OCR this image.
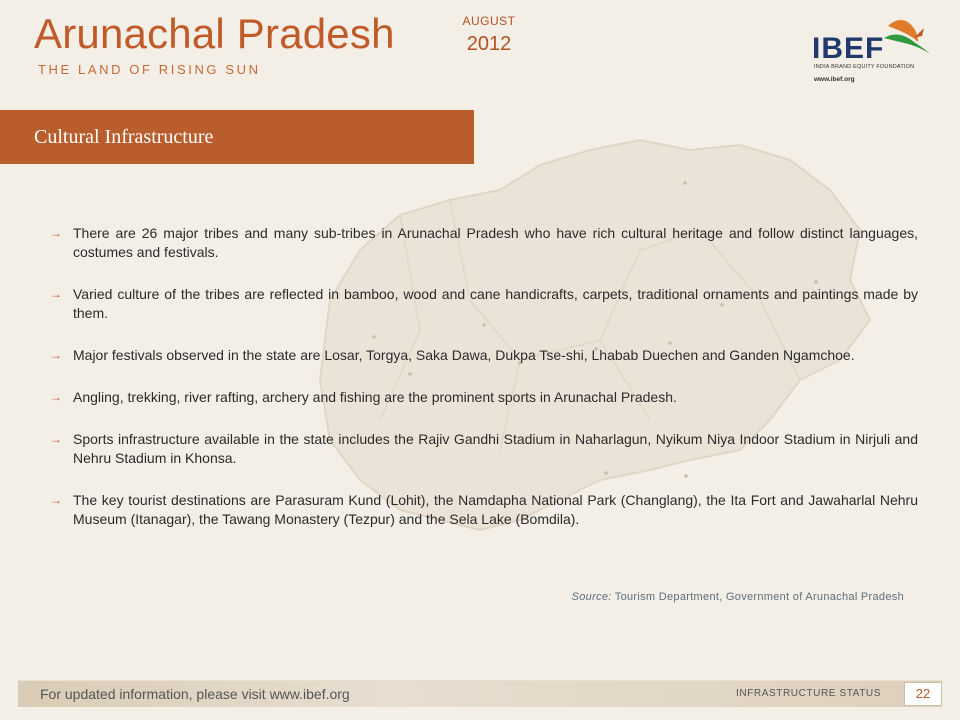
Arunachal Pradesh
THE LAND OF RISING SUN
AUGUST
2012	IBEF
INDIA BRAND EQUITY FOUNDATION
www.ibef.org
Cultural Infrastructure
→ There are 26 major tribes and many sub-tribes in Arunachal Pradesh who have rich cultural heritage and follow distinct languages, costumes and festivals.
→ Varied culture of the tribes are reflected in bamboo, wood and cane handicrafts, carpets, traditional ornaments and paintings made by them.
→ Major festivals observed in the state are Losar, Torgya, Saka Dawa, Dukpa Tse-shi, Lhabab Duechen and Ganden Ngamchoe.
→ Angling, trekking, river rafting, archery and fishing are the prominent sports in Arunachal Pradesh.
→ Sports infrastructure available in the state includes the Rajiv Gandhi Stadium in Naharlagun, Nyikum Niya Indoor Stadium in Nirjuli and Nehru Stadium in Khonsa.
→ The key tourist destinations are Parasuram Kund (Lohit), the Namdapha National Park (Changlang), the Ita Fort and Jawaharlal Nehru Museum (Itanagar), the Tawang Monastery (Tezpur) and the Sela Lake (Bomdila).
Source: Tourism Department, Government of Arunachal Pradesh
For updated information, please visit www.ibef.org	INFRASTRUCTURE STATUS	22
